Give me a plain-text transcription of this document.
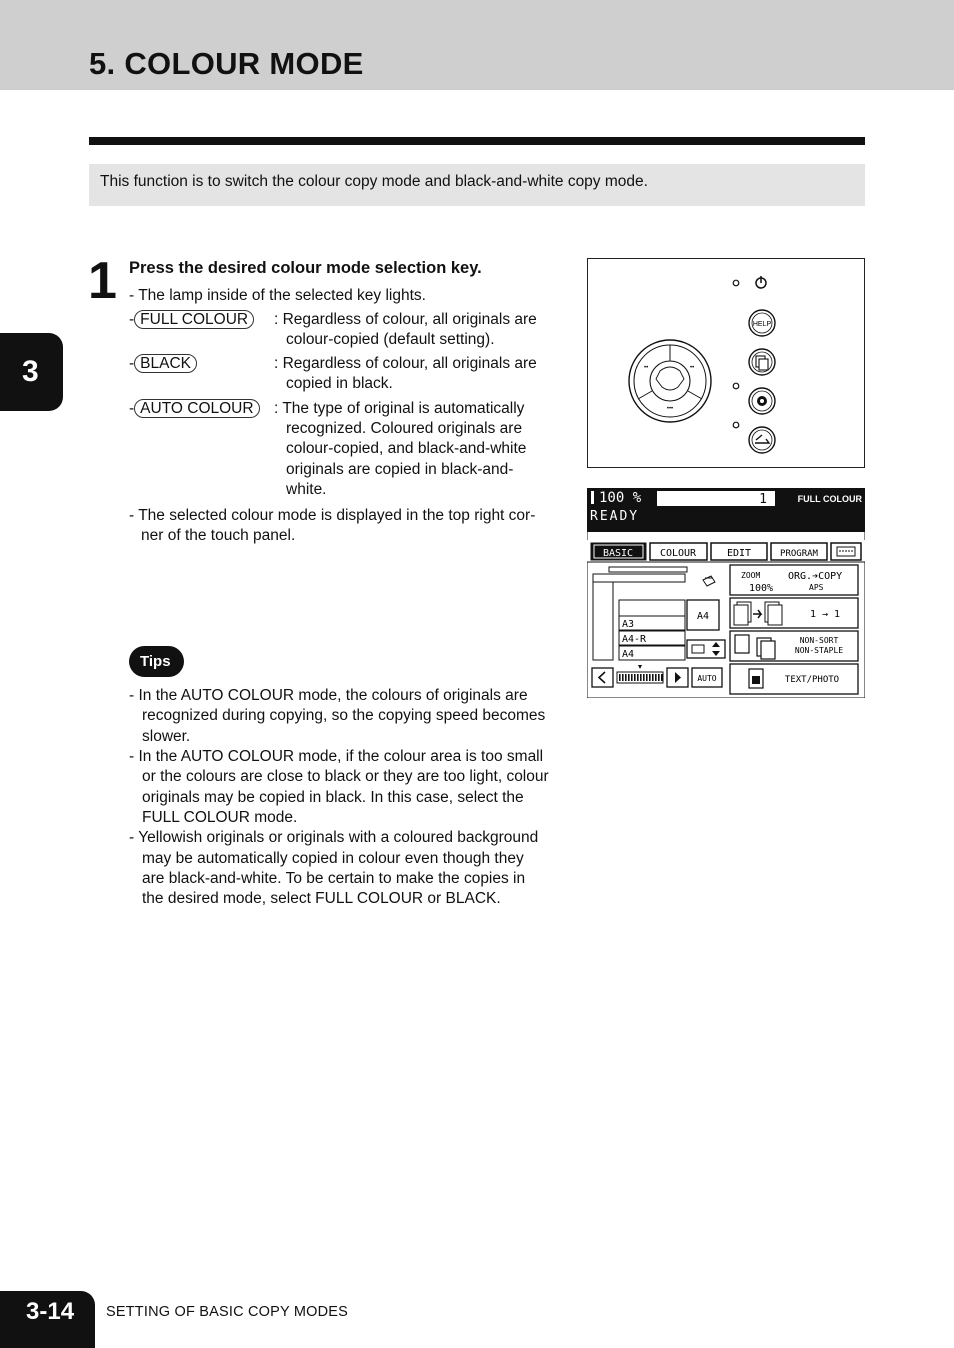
5. COLOUR MODE
This function is to switch the colour copy mode and black-and-white copy mode.
3
1 Press the desired colour mode selection key.
- The lamp inside of the selected key lights.
- FULL COLOUR	: Regardless of colour, all originals are
colour-copied (default setting).
- BLACK	: Regardless of colour, all originals are
copied in black.
- AUTO COLOUR	: The type of original is automatically
recognized. Coloured originals are
colour-copied, and black-and-white
originals are copied in black-and-
white.
- The selected colour mode is displayed in the top right cor-
ner of the touch panel.
Tips
- In the AUTO COLOUR mode, the colours of originals are
recognized during copying, so the copying speed becomes
slower.
- In the AUTO COLOUR mode, if the colour area is too small
or the colours are close to black or they are too light, colour
originals may be copied in black. In this case, select the
FULL COLOUR mode.
- Yellowish originals or originals with a coloured background
may be automatically copied in colour even though they
are black-and-white. To be certain to make the copies in
the desired mode, select FULL COLOUR or BLACK.
HELP
••	••
•••
100 %	1	FULL COLOUR
READY
BASIC	COLOUR	EDIT	PROGRAM
A3
A4-R
A4
A4
ZOOM
100%
ORG.➔COPY
APS
1 → 1
NON-SORT
NON-STAPLE
TEXT/PHOTO
AUTO
3-14 SETTING OF BASIC COPY MODES
